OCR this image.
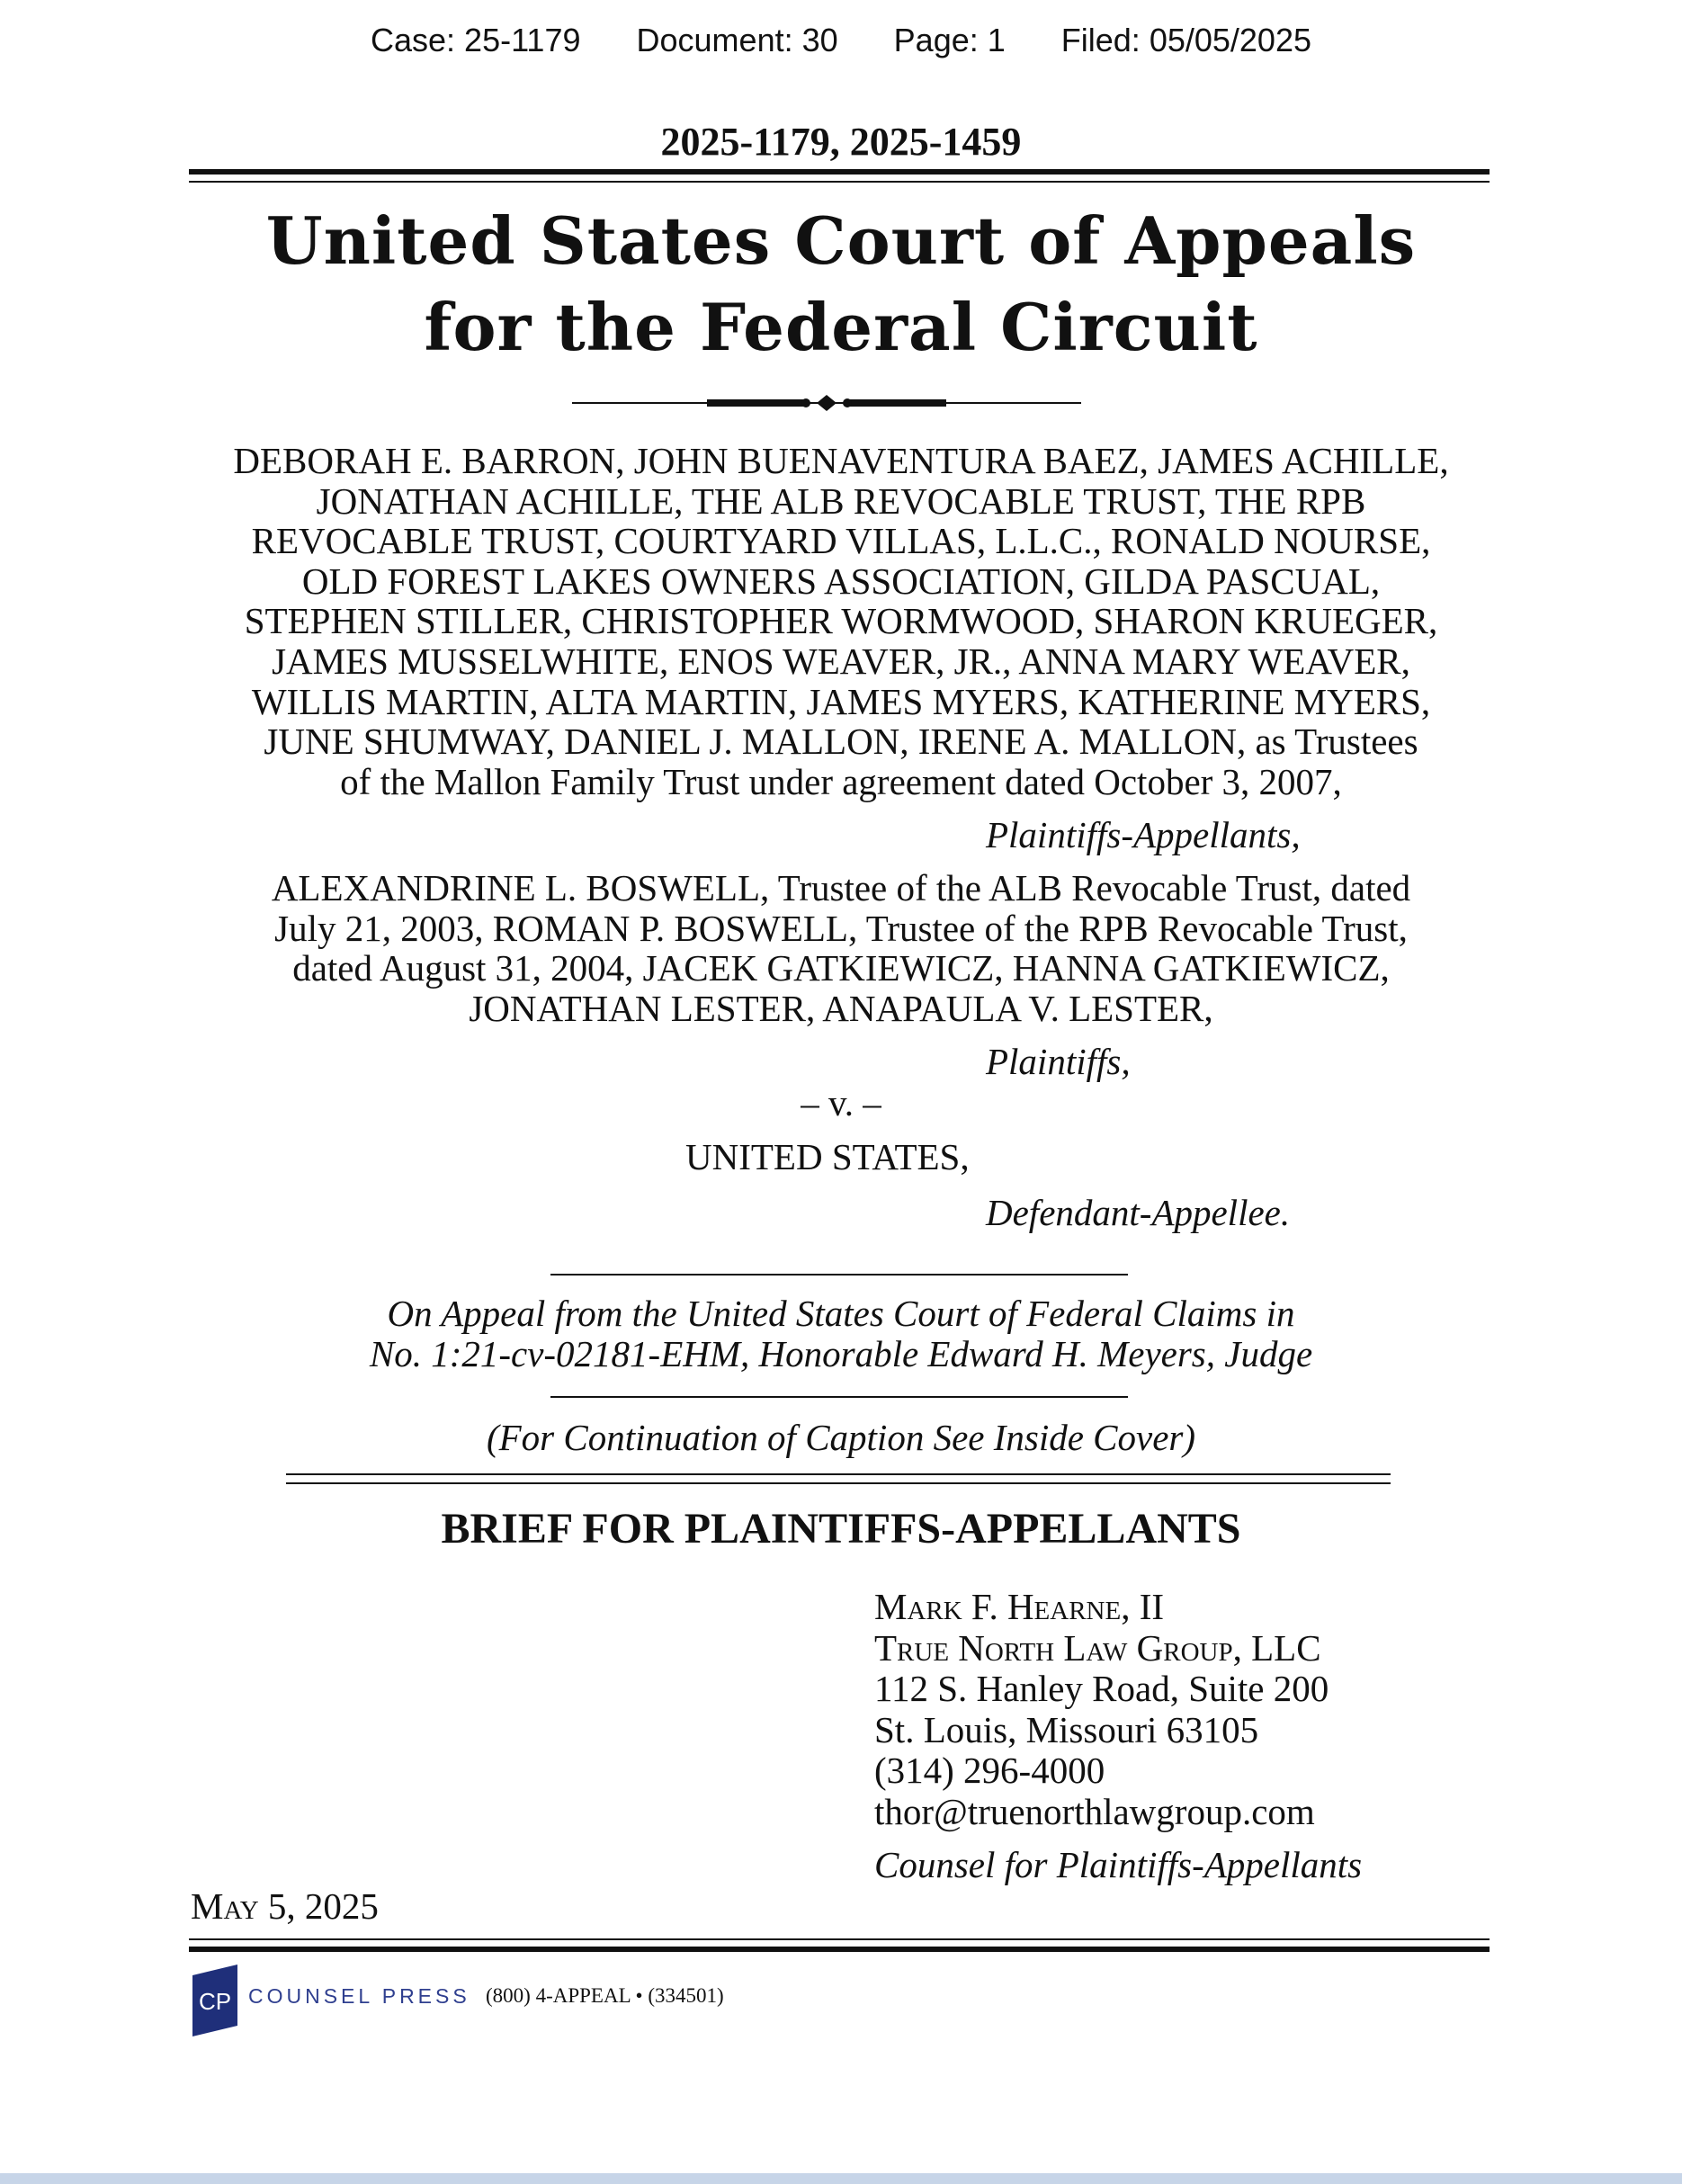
Case: 25-1179 Document: 30 Page: 1 Filed: 05/05/2025
2025-1179, 2025-1459
United States Court of Appeals
for the Federal Circuit
DEBORAH E. BARRON, JOHN BUENAVENTURA BAEZ, JAMES ACHILLE,
JONATHAN ACHILLE, THE ALB REVOCABLE TRUST, THE RPB
REVOCABLE TRUST, COURTYARD VILLAS, L.L.C., RONALD NOURSE,
OLD FOREST LAKES OWNERS ASSOCIATION, GILDA PASCUAL,
STEPHEN STILLER, CHRISTOPHER WORMWOOD, SHARON KRUEGER,
JAMES MUSSELWHITE, ENOS WEAVER, JR., ANNA MARY WEAVER,
WILLIS MARTIN, ALTA MARTIN, JAMES MYERS, KATHERINE MYERS,
JUNE SHUMWAY, DANIEL J. MALLON, IRENE A. MALLON, as Trustees
of the Mallon Family Trust under agreement dated October 3, 2007,
Plaintiffs-Appellants,
ALEXANDRINE L. BOSWELL, Trustee of the ALB Revocable Trust, dated
July 21, 2003, ROMAN P. BOSWELL, Trustee of the RPB Revocable Trust,
dated August 31, 2004, JACEK GATKIEWICZ, HANNA GATKIEWICZ,
JONATHAN LESTER, ANAPAULA V. LESTER,
Plaintiffs,
– v. –
UNITED STATES,
Defendant-Appellee.
On Appeal from the United States Court of Federal Claims in
No. 1:21-cv-02181-EHM, Honorable Edward H. Meyers, Judge
(For Continuation of Caption See Inside Cover)
BRIEF FOR PLAINTIFFS-APPELLANTS
Mark F. Hearne, II
True North Law Group, LLC
112 S. Hanley Road, Suite 200
St. Louis, Missouri 63105
(314) 296-4000
thor@truenorthlawgroup.com
Counsel for Plaintiffs-Appellants
May 5, 2025
CP COUNSEL PRESS (800) 4-APPEAL • (334501)
